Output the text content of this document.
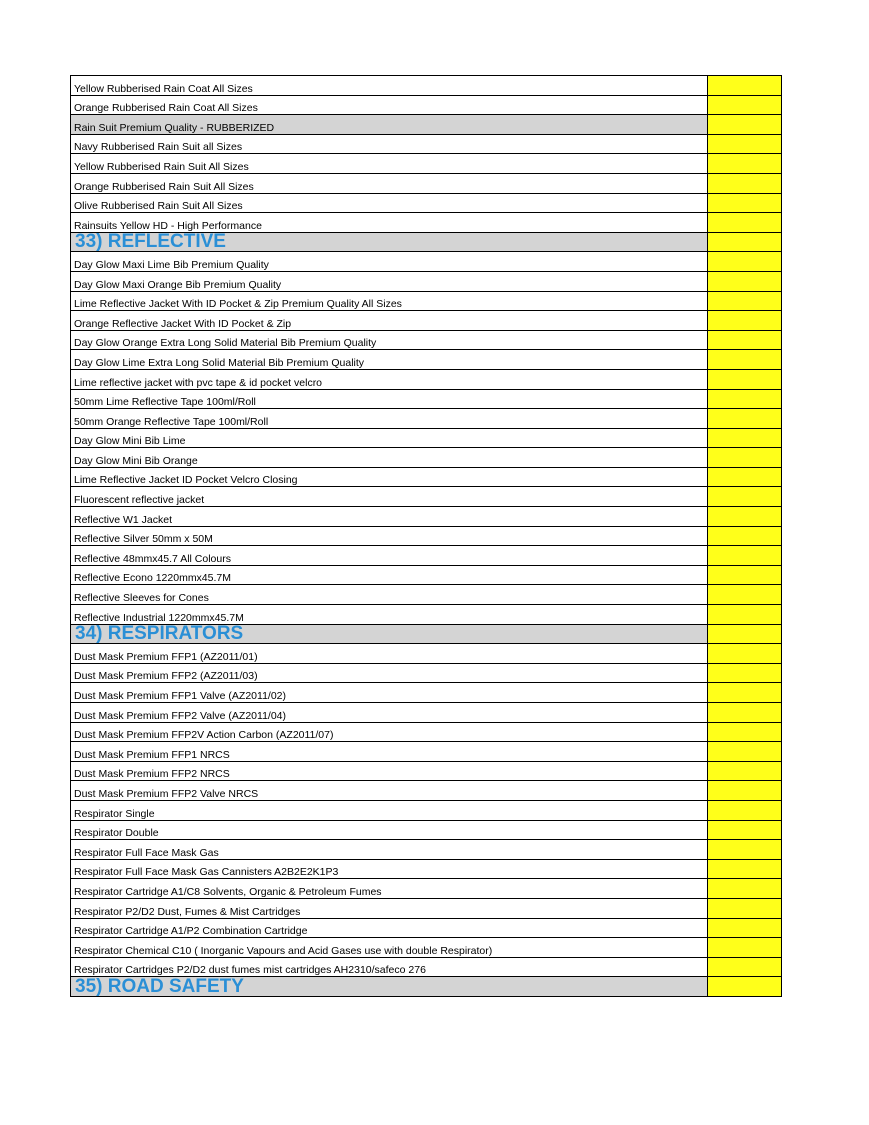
Yellow Rubberised Rain Coat All Sizes	
Orange Rubberised Rain Coat All Sizes	
Rain Suit Premium Quality - RUBBERIZED	
Navy Rubberised Rain Suit all Sizes	
Yellow Rubberised Rain Suit All Sizes	
Orange Rubberised Rain Suit All Sizes	
Olive Rubberised Rain Suit All Sizes	
Rainsuits Yellow HD - High Performance	
33) REFLECTIVE	
Day Glow Maxi Lime Bib Premium Quality	
Day Glow Maxi Orange Bib Premium Quality	
Lime Reflective Jacket With ID Pocket & Zip Premium Quality All Sizes	
Orange Reflective Jacket With ID Pocket & Zip	
Day Glow Orange Extra Long Solid Material Bib Premium Quality	
Day Glow Lime Extra Long Solid Material Bib Premium Quality	
Lime reflective jacket with pvc tape & id pocket velcro	
50mm Lime Reflective Tape 100ml/Roll	
50mm Orange Reflective Tape 100ml/Roll	
Day Glow Mini Bib Lime	
Day Glow Mini Bib Orange	
Lime Reflective Jacket ID Pocket Velcro Closing	
Fluorescent reflective jacket	
Reflective W1 Jacket	
Reflective Silver 50mm x 50M	
Reflective 48mmx45.7 All Colours	
Reflective Econo 1220mmx45.7M	
Reflective Sleeves for Cones	
Reflective Industrial 1220mmx45.7M	
34) RESPIRATORS	
Dust Mask Premium FFP1 (AZ2011/01)	
Dust Mask Premium FFP2 (AZ2011/03)	
Dust Mask Premium FFP1 Valve (AZ2011/02)	
Dust Mask Premium FFP2 Valve (AZ2011/04)	
Dust Mask Premium FFP2V Action Carbon (AZ2011/07)	
Dust Mask Premium FFP1 NRCS	
Dust Mask Premium FFP2 NRCS	
Dust Mask Premium FFP2 Valve NRCS	
Respirator Single	
Respirator Double	
Respirator Full Face Mask Gas	
Respirator Full Face Mask Gas Cannisters A2B2E2K1P3	
Respirator Cartridge A1/C8 Solvents, Organic & Petroleum Fumes	
Respirator P2/D2 Dust, Fumes & Mist Cartridges	
Respirator Cartridge A1/P2 Combination Cartridge	
Respirator Chemical C10 ( Inorganic Vapours and Acid Gases use with double Respirator)	
Respirator Cartridges P2/D2 dust fumes mist cartridges AH2310/safeco 276	
35) ROAD SAFETY	
